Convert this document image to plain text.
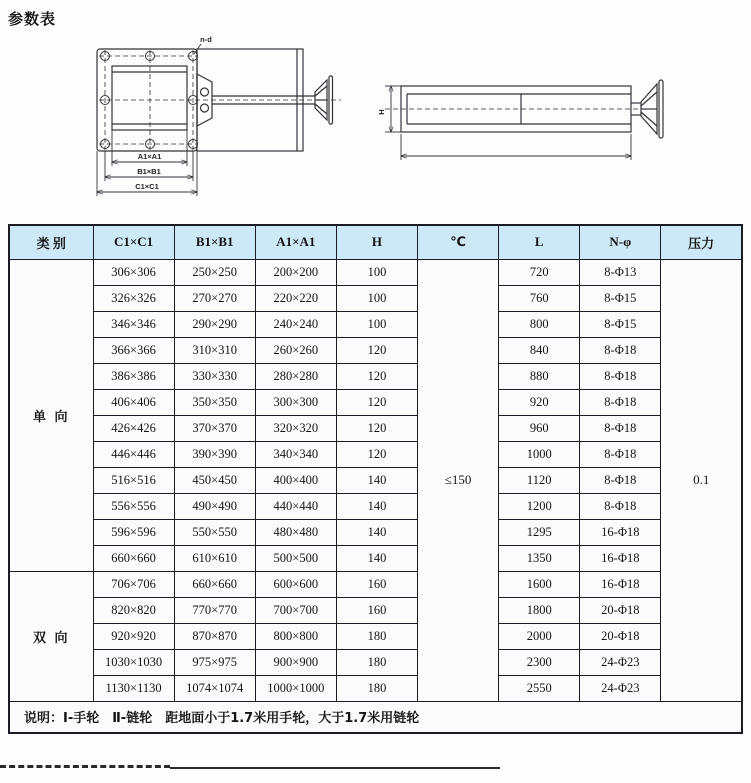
参数表
n-d
A1×A1
B1×B1
C1×C1
H
类 别	C1×C1	B1×B1	A1×A1	H	℃	L	N-φ	压力
单 向	306×306	250×250	200×200	100	≤150	720	8-Φ13	0.1
	326×326	270×270	220×220	100		760	8-Φ15	
	346×346	290×290	240×240	100		800	8-Φ15	
	366×366	310×310	260×260	120		840	8-Φ18	
	386×386	330×330	280×280	120		880	8-Φ18	
	406×406	350×350	300×300	120		920	8-Φ18	
	426×426	370×370	320×320	120		960	8-Φ18	
	446×446	390×390	340×340	120		1000	8-Φ18	
	516×516	450×450	400×400	140		1120	8-Φ18	
	556×556	490×490	440×440	140		1200	8-Φ18	
	596×596	550×550	480×480	140		1295	16-Φ18	
	660×660	610×610	500×500	140		1350	16-Φ18	
双 向	706×706	660×660	600×600	160		1600	16-Φ18	
	820×820	770×770	700×700	160		1800	20-Φ18	
	920×920	870×870	800×800	180		2000	20-Φ18	
	1030×1030	975×975	900×900	180		2300	24-Φ23	
	1130×1130	1074×1074	1000×1000	180		2550	24-Φ23	
说明：Ⅰ-手轮　Ⅱ-链轮　距地面小于1.7米用手轮，大于1.7米用链轮								
